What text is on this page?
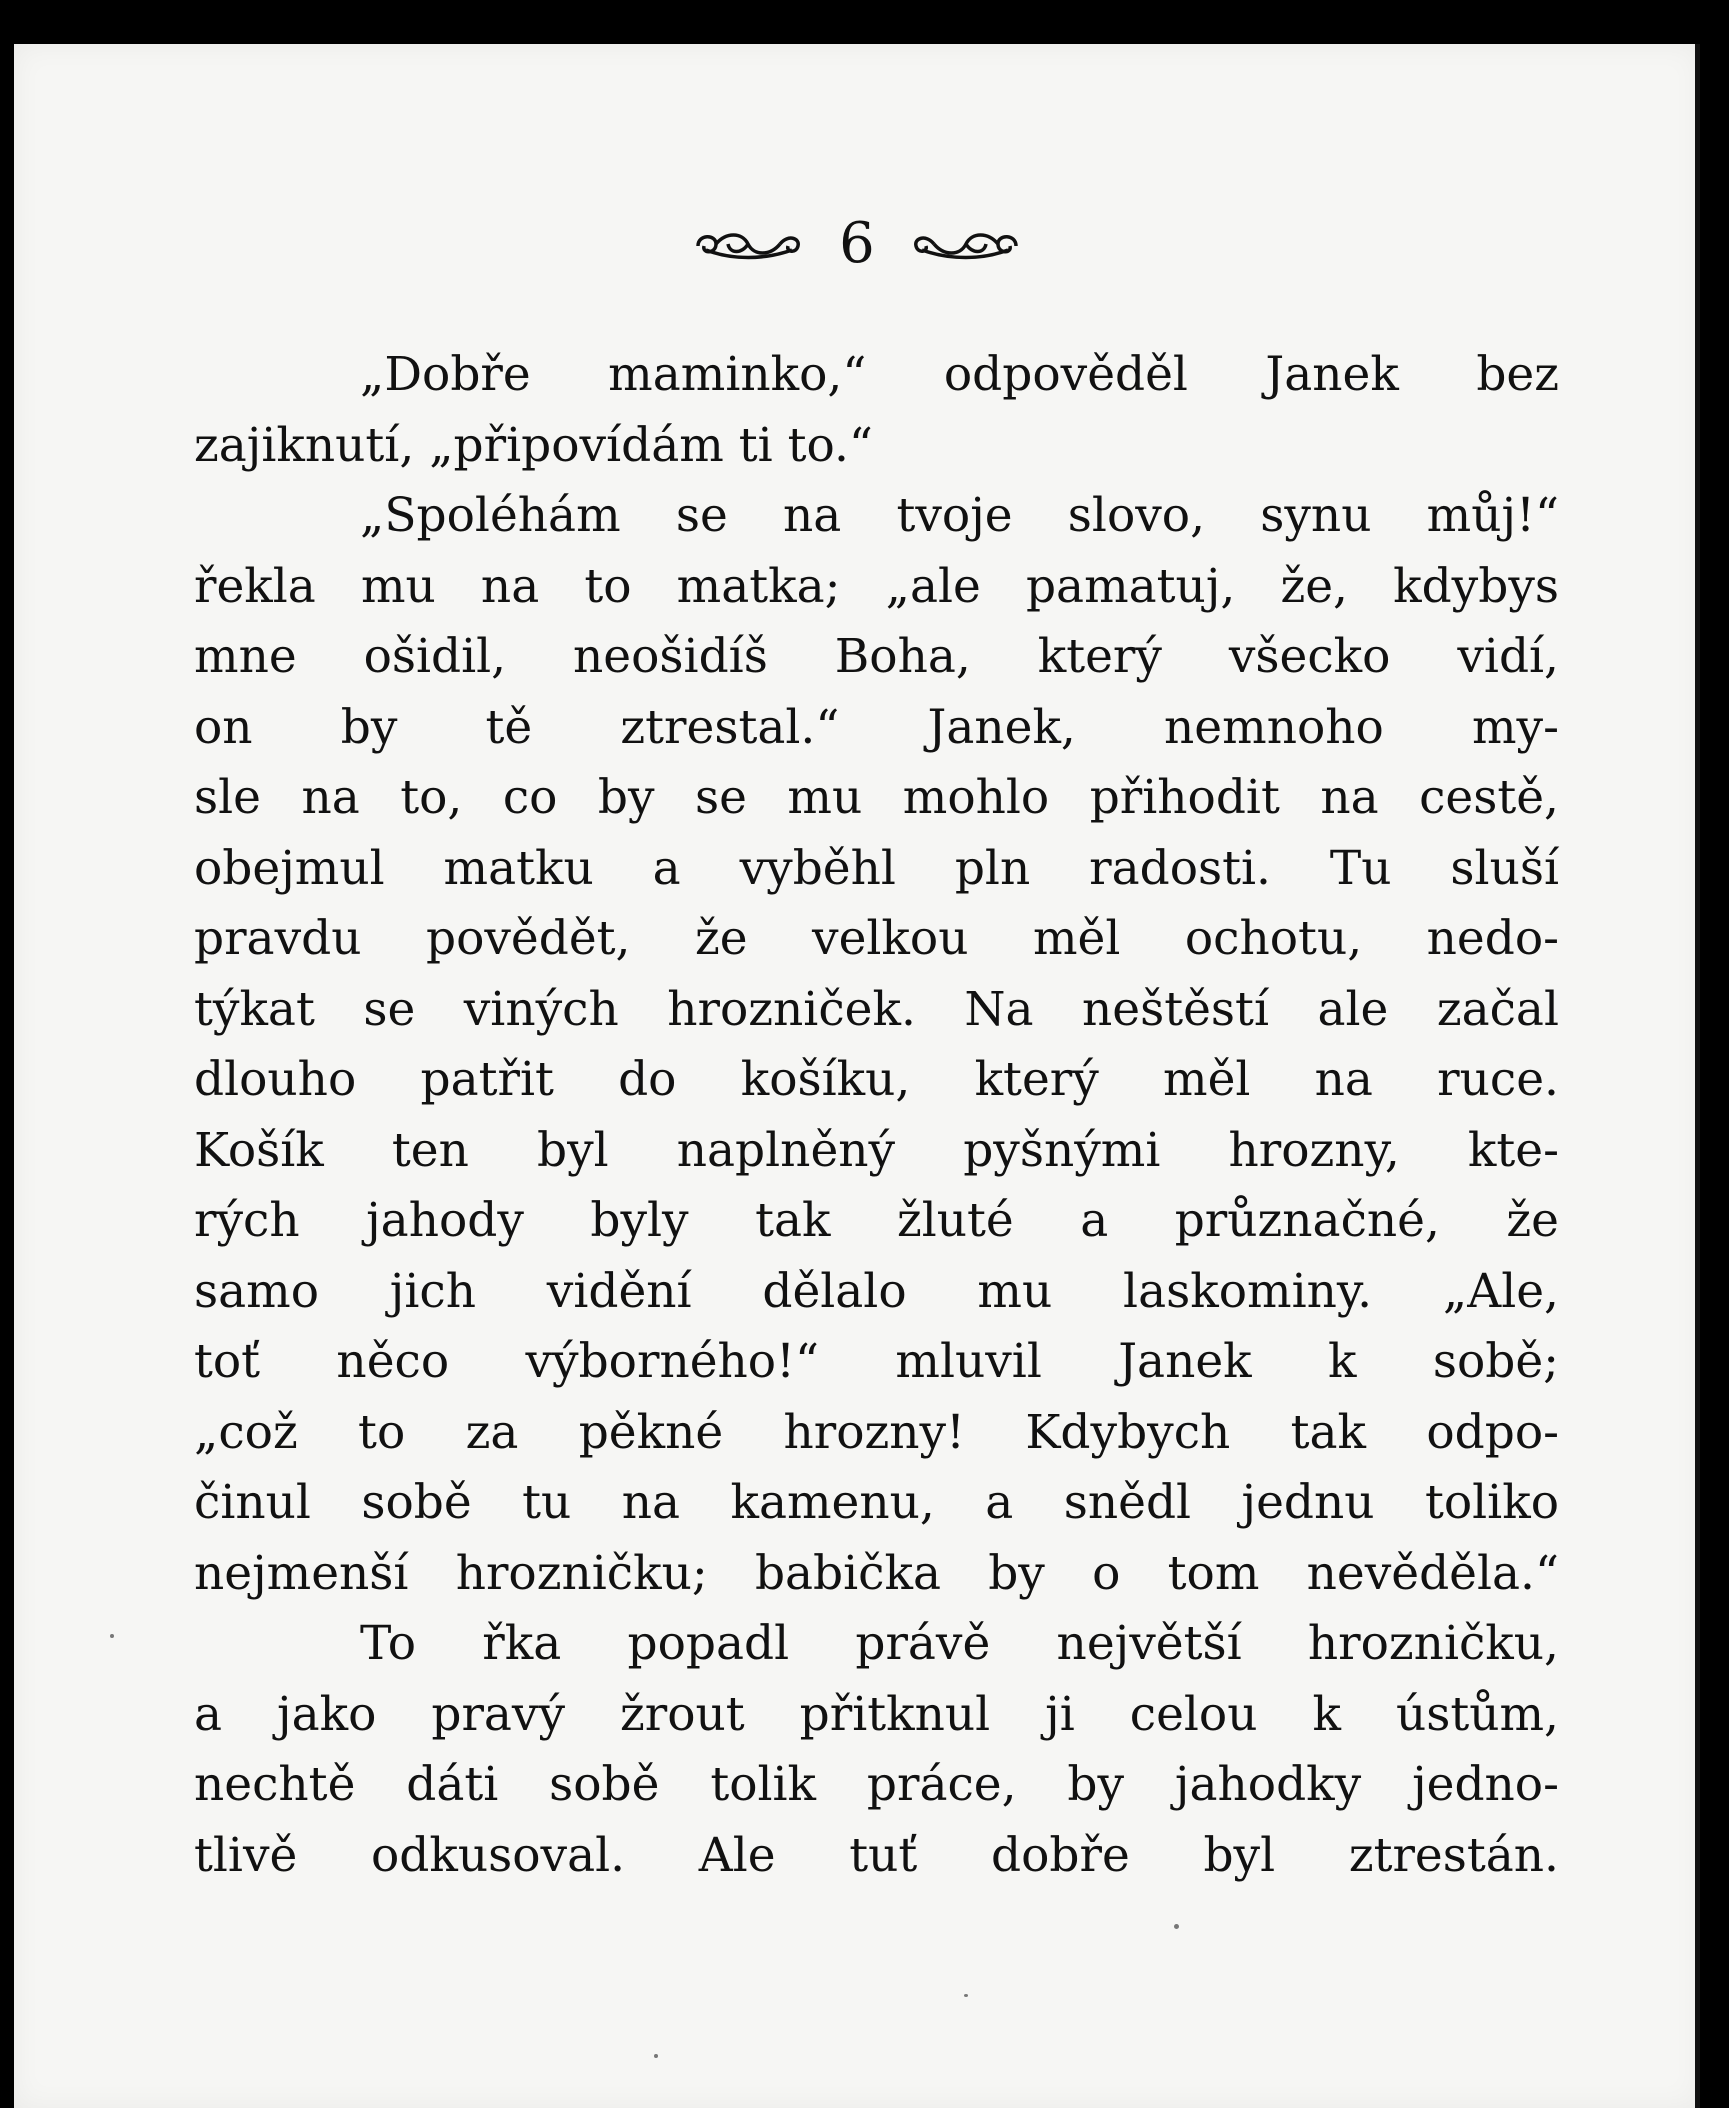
6
„Dobře maminko,“ odpověděl Janek bez
zajiknutí, „připovídám ti to.“
„Spoléhám se na tvoje slovo, synu můj!“
řekla mu na to matka; „ale pamatuj, že, kdybys
mne ošidil, neošidíš Boha, který všecko vidí,
on by tě ztrestal.“ Janek, nemnoho my-
sle na to, co by se mu mohlo přihodit na cestě,
obejmul matku a vyběhl pln radosti. Tu sluší
pravdu povědět, že velkou měl ochotu, nedo-
týkat se viných hrozniček. Na neštěstí ale začal
dlouho patřit do košíku, který měl na ruce.
Košík ten byl naplněný pyšnými hrozny, kte-
rých jahody byly tak žluté a průznačné, že
samo jich vidění dělalo mu laskominy. „Ale,
toť něco výborného!“ mluvil Janek k sobě;
„což to za pěkné hrozny! Kdybych tak odpo-
činul sobě tu na kamenu, a snědl jednu toliko
nejmenší hrozničku; babička by o tom nevěděla.“
To řka popadl právě největší hrozničku,
a jako pravý žrout přitknul ji celou k ústům,
nechtě dáti sobě tolik práce, by jahodky jedno-
tlivě odkusoval. Ale tuť dobře byl ztrestán.
